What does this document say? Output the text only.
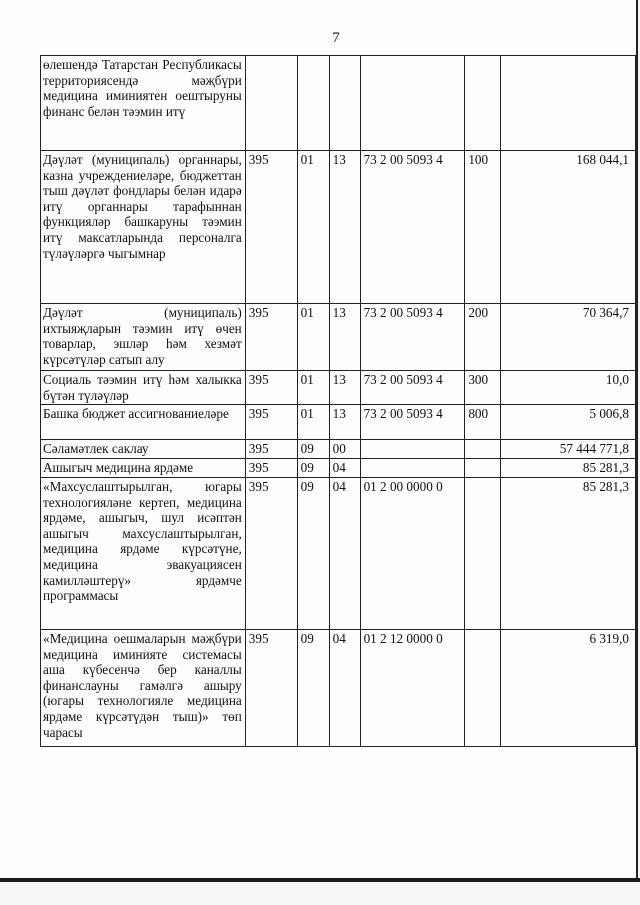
7
өлешендә Татарстан Республикасы территориясендә мәҗбүри медицина иминиятен оештыруны финанс белән тәэмин итү						
Дәүләт (муниципаль) органнары, казна учреждениеләре, бюджеттан тыш дәүләт фондлары белән идарә итү органнары тарафыннан функцияләр башкаруны тәэмин итү максатларында персоналга түләүләргә чыгымнар	395	01	13	73 2 00 5093 4	100	168 044,1
Дәүләт (муниципаль) ихтыяҗларын тәэмин итү өчен товарлар, эшләр һәм хезмәт күрсәтүләр сатып алу	395	01	13	73 2 00 5093 4	200	70 364,7
Социаль тәэмин итү һәм халыкка бүтән түләүләр	395	01	13	73 2 00 5093 4	300	10,0
Башка бюджет ассигнованиеләре	395	01	13	73 2 00 5093 4	800	5 006,8
Сәламәтлек саклау	395	09	00			57 444 771,8
Ашыгыч медицина ярдәме	395	09	04			85 281,3
«Махсуслаштырылган, югары технологияләне кертеп, медицина ярдәме, ашыгыч, шул исәптән ашыгыч махсуслаштырылган, медицина ярдәме күрсәтүне, медицина эвакуациясен камилләштерү» ярдәмче программасы	395	09	04	01 2 00 0000 0		85 281,3
«Медицина оешмаларын мәҗбүри медицина иминияте системасы аша күбесенчә бер каналлы финанслауны гамәлгә ашыру (югары технологияле медицина ярдәме күрсәтүдән тыш)» төп чарасы	395	09	04	01 2 12 0000 0		6 319,0
